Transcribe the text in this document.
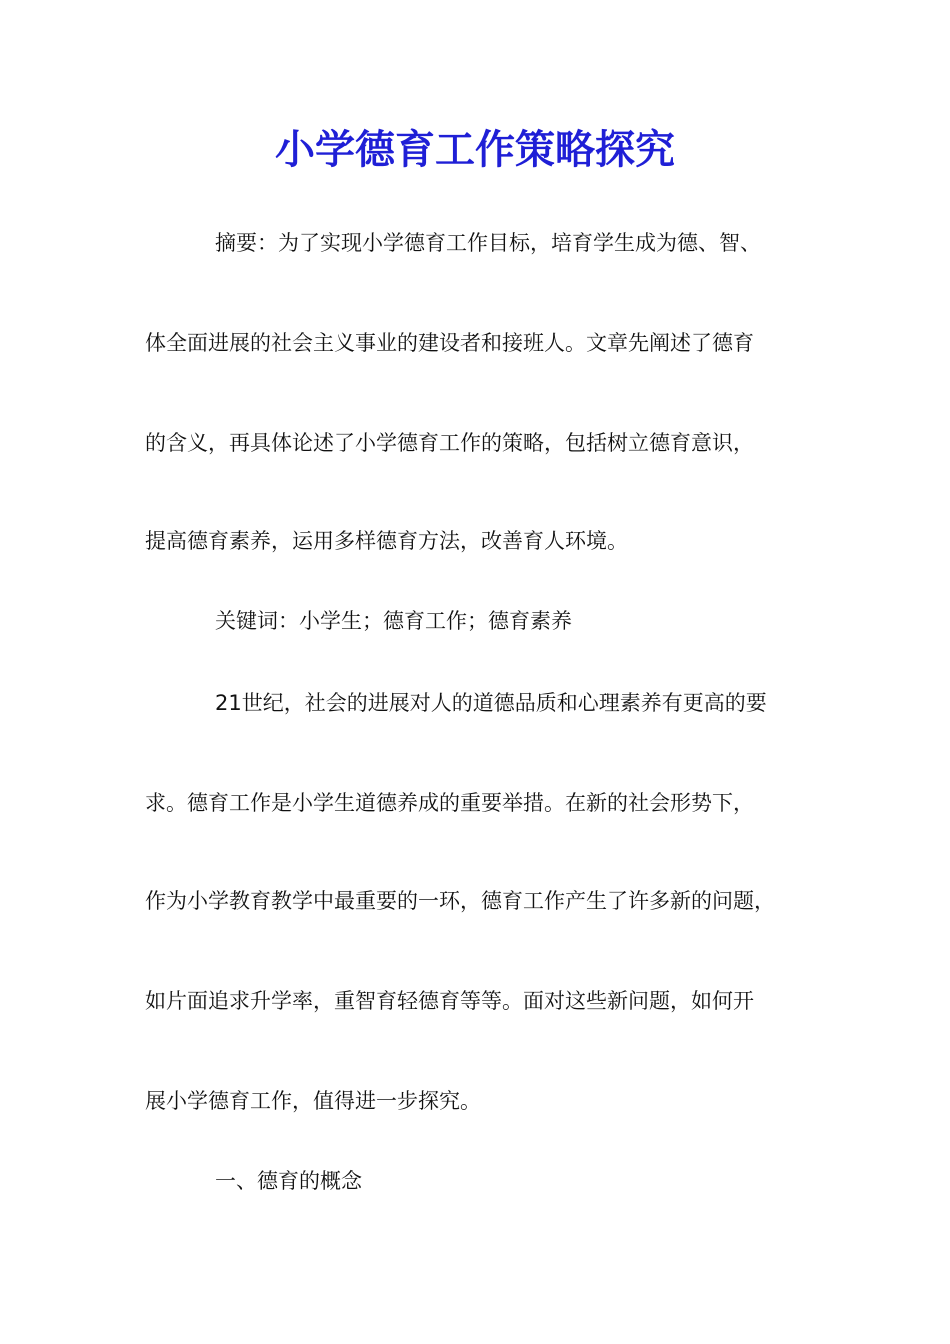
小学德育工作策略探究

摘要：为了实现小学德育工作目标，培育学生成为德、智、

体全面进展的社会主义事业的建设者和接班人。文章先阐述了德育

的含义，再具体论述了小学德育工作的策略，包括树立德育意识，

提高德育素养，运用多样德育方法，改善育人环境。

关键词：小学生；德育工作；德育素养

21世纪，社会的进展对人的道德品质和心理素养有更高的要

求。德育工作是小学生道德养成的重要举措。在新的社会形势下，

作为小学教育教学中最重要的一环，德育工作产生了许多新的问题，

如片面追求升学率，重智育轻德育等等。面对这些新问题，如何开

展小学德育工作，值得进一步探究。

一、德育的概念
